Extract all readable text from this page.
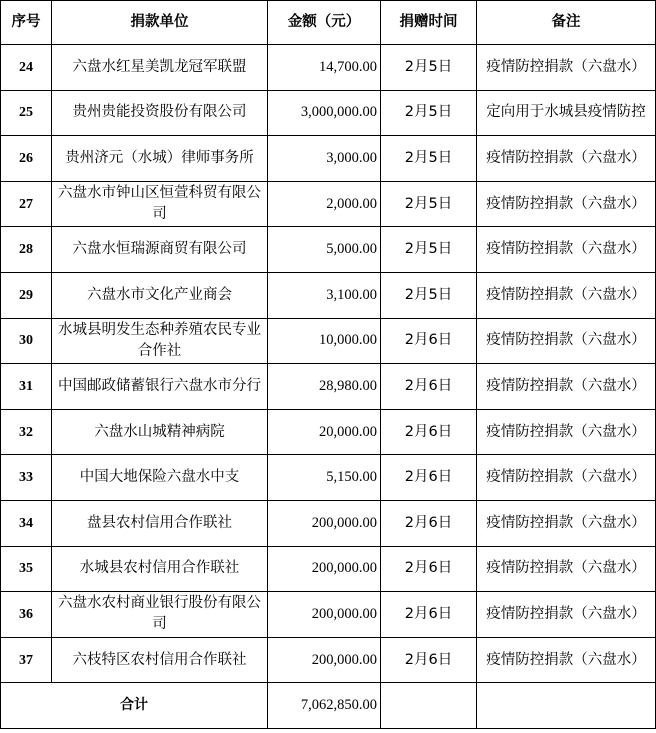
序号	捐款单位	金额（元）	捐赠时间	备注
24	六盘水红星美凯龙冠军联盟	14,700.00	2月5日	疫情防控捐款（六盘水）
25	贵州贵能投资股份有限公司	3,000,000.00	2月5日	定向用于水城县疫情防控
26	贵州济元（水城）律师事务所	3,000.00	2月5日	疫情防控捐款（六盘水）
27	六盘水市钟山区恒萱科贸有限公司	2,000.00	2月5日	疫情防控捐款（六盘水）
28	六盘水恒瑞源商贸有限公司	5,000.00	2月5日	疫情防控捐款（六盘水）
29	六盘水市文化产业商会	3,100.00	2月5日	疫情防控捐款（六盘水）
30	水城县明发生态种养殖农民专业合作社	10,000.00	2月6日	疫情防控捐款（六盘水）
31	中国邮政储蓄银行六盘水市分行	28,980.00	2月6日	疫情防控捐款（六盘水）
32	六盘水山城精神病院	20,000.00	2月6日	疫情防控捐款（六盘水）
33	中国大地保险六盘水中支	5,150.00	2月6日	疫情防控捐款（六盘水）
34	盘县农村信用合作联社	200,000.00	2月6日	疫情防控捐款（六盘水）
35	水城县农村信用合作联社	200,000.00	2月6日	疫情防控捐款（六盘水）
36	六盘水农村商业银行股份有限公司	200,000.00	2月6日	疫情防控捐款（六盘水）
37	六枝特区农村信用合作联社	200,000.00	2月6日	疫情防控捐款（六盘水）
合计		7,062,850.00		
